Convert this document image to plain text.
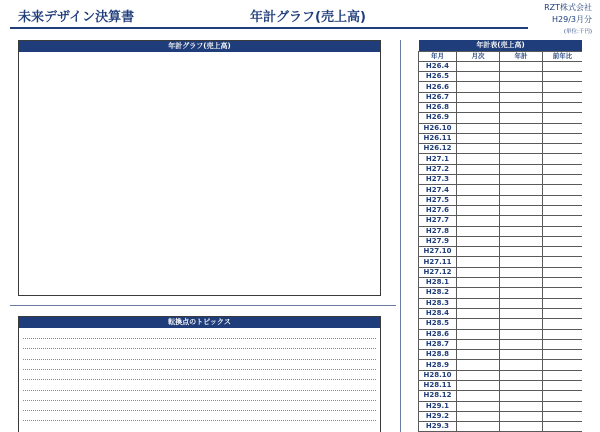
未来デザイン決算書	年計グラフ(売上高)
RZT株式会社
H29/3月分
(単位:千円)
年計グラフ(売上高)
転換点のトピックス
年計表(売上高)			
年月	月次	年計	前年比
H26.4			
H26.5			
H26.6			
H26.7			
H26.8			
H26.9			
H26.10			
H26.11			
H26.12			
H27.1			
H27.2			
H27.3			
H27.4			
H27.5			
H27.6			
H27.7			
H27.8			
H27.9			
H27.10			
H27.11			
H27.12			
H28.1			
H28.2			
H28.3			
H28.4			
H28.5			
H28.6			
H28.7			
H28.8			
H28.9			
H28.10			
H28.11			
H28.12			
H29.1			
H29.2			
H29.3			
